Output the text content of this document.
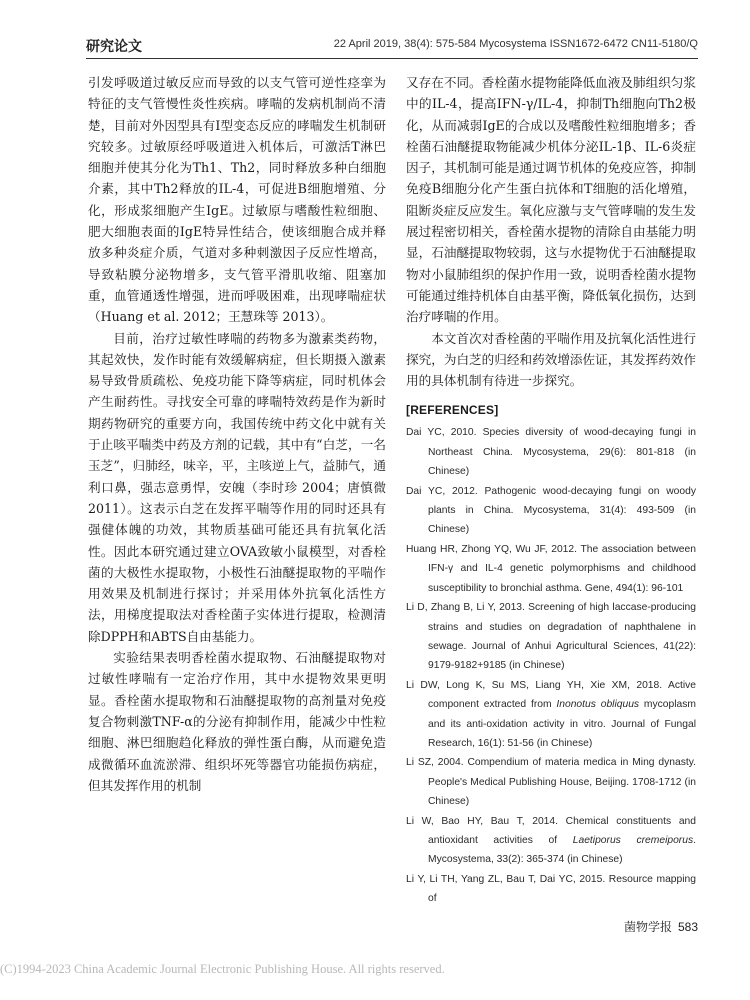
研究论文	22 April 2019, 38(4): 575-584 Mycosystema ISSN1672-6472 CN11-5180/Q

引发呼吸道过敏反应而导致的以支气管可逆性痉挛为特征的支气管慢性炎性疾病。哮喘的发病机制尚不清楚，目前对外因型具有Ⅰ型变态反应的哮喘发生机制研究较多。过敏原经呼吸道进入机体后，可激活T淋巴细胞并使其分化为Th1、Th2，同时释放多种白细胞介素，其中Th2释放的IL-4，可促进B细胞增殖、分化，形成浆细胞产生IgE。过敏原与嗜酸性粒细胞、肥大细胞表面的IgE特异性结合，使该细胞合成并释放多种炎症介质，气道对多种刺激因子反应性增高，导致粘膜分泌物增多，支气管平滑肌收缩、阻塞加重，血管通透性增强，进而呼吸困难，出现哮喘症状（Huang et al. 2012；王慧珠等 2013）。

目前，治疗过敏性哮喘的药物多为激素类药物，其起效快，发作时能有效缓解病症，但长期摄入激素易导致骨质疏松、免疫功能下降等病症，同时机体会产生耐药性。寻找安全可靠的哮喘特效药是作为新时期药物研究的重要方向，我国传统中药文化中就有关于止咳平喘类中药及方剂的记载，其中有“白芝，一名玉芝”，归肺经，味辛，平，主咳逆上气，益肺气，通利口鼻，强志意勇悍，安魄（李时珍 2004；唐慎微 2011）。这表示白芝在发挥平喘等作用的同时还具有强健体魄的功效，其物质基础可能还具有抗氧化活性。因此本研究通过建立OVA致敏小鼠模型，对香栓菌的大极性水提取物，小极性石油醚提取物的平喘作用效果及机制进行探讨；并采用体外抗氧化活性方法，用梯度提取法对香栓菌子实体进行提取，检测清除DPPH和ABTS自由基能力。

实验结果表明香栓菌水提取物、石油醚提取物对过敏性哮喘有一定治疗作用，其中水提物效果更明显。香栓菌水提取物和石油醚提取物的高剂量对免疫复合物刺激TNF-α的分泌有抑制作用，能减少中性粒细胞、淋巴细胞趋化释放的弹性蛋白酶，从而避免造成微循环血流淤滞、组织坏死等器官功能损伤病症，但其发挥作用的机制

又存在不同。香栓菌水提物能降低血液及肺组织匀浆中的IL-4，提高IFN-γ/IL-4，抑制Th细胞向Th2极化，从而减弱IgE的合成以及嗜酸性粒细胞增多；香栓菌石油醚提取物能减少机体分泌IL-1β、IL-6炎症因子，其机制可能是通过调节机体的免疫应答，抑制免疫B细胞分化产生蛋白抗体和T细胞的活化增殖，阻断炎症反应发生。氧化应激与支气管哮喘的发生发展过程密切相关，香栓菌水提物的清除自由基能力明显，石油醚提取物较弱，这与水提物优于石油醚提取物对小鼠肺组织的保护作用一致，说明香栓菌水提物可能通过维持机体自由基平衡，降低氧化损伤，达到治疗哮喘的作用。

本文首次对香栓菌的平喘作用及抗氧化活性进行探究，为白芝的归经和药效增添佐证，其发挥药效作用的具体机制有待进一步探究。

[REFERENCES]
Dai YC, 2010. Species diversity of wood-decaying fungi in Northeast China. Mycosystema, 29(6): 801-818 (in Chinese)
Dai YC, 2012. Pathogenic wood-decaying fungi on woody plants in China. Mycosystema, 31(4): 493-509 (in Chinese)
Huang HR, Zhong YQ, Wu JF, 2012. The association between IFN-γ and IL-4 genetic polymorphisms and childhood susceptibility to bronchial asthma. Gene, 494(1): 96-101
Li D, Zhang B, Li Y, 2013. Screening of high laccase-producing strains and studies on degradation of naphthalene in sewage. Journal of Anhui Agricultural Sciences, 41(22): 9179-9182+9185 (in Chinese)
Li DW, Long K, Su MS, Liang YH, Xie XM, 2018. Active component extracted from Inonotus obliquus mycoplasm and its anti-oxidation activity in vitro. Journal of Fungal Research, 16(1): 51-56 (in Chinese)
Li SZ, 2004. Compendium of materia medica in Ming dynasty. People's Medical Publishing House, Beijing. 1708-1712 (in Chinese)
Li W, Bao HY, Bau T, 2014. Chemical constituents and antioxidant activities of Laetiporus cremeiporus. Mycosystema, 33(2): 365-374 (in Chinese)
Li Y, Li TH, Yang ZL, Bau T, Dai YC, 2015. Resource mapping of
菌物学报 583
(C)1994-2023 China Academic Journal Electronic Publishing House. All rights reserved.
